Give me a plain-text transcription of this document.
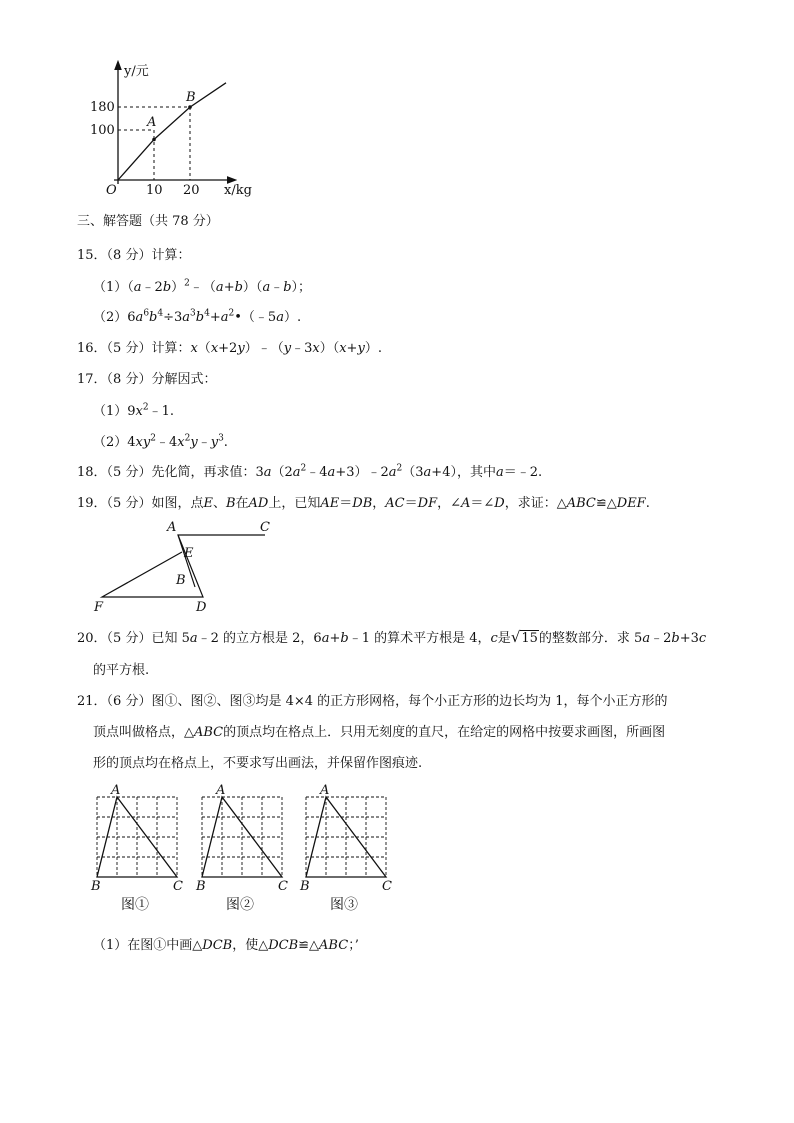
y/元
180
100
O 10 20 x/kg
A
B
三、解答题（共 78 分）
15．（8 分）计算：
（1）（a﹣2b）$^2$﹣（a+b）（a﹣b）；
$(2)6a^6b^4\div 3a^3b^4+a^2•(﹣5a)$.
16．（5 分）计算：x（x+2y）﹣（y﹣3x）（x+y）.
17．（8 分）分解因式：
$(1)9x^2﹣1$.
$(2)4xy^2﹣4x^2y﹣y^3$.
18．（5 分）先化简，再求值：$3a(2a^2﹣4a+3)﹣2a^2(3a+4)$，其中a＝﹣2.
19．（5 分）如图，点E、B在AD上，已知AE＝DB，AC＝DF，∠A＝∠D，求证：△ABC≌△DEF.
A	C
E
B
F	D
20．（5 分）已知 5a﹣2 的立方根是 2，6a+b﹣1 的算术平方根是 4，c是√15的整数部分．求 5a﹣2b+3c
的平方根.
21．（6 分）图①、图②、图③均是 4×4 的正方形网格，每个小正方形的边长均为 1，每个小正方形的
顶点叫做格点，△ABC的顶点均在格点上．只用无刻度的直尺，在给定的网格中按要求画图，所画图
形的顶点均在格点上，不要求写出画法，并保留作图痕迹.
A
B	C
图①
A
B	C
图②
A
B	C
图③
（1）在图①中画△DCB，使△DCB≌△ABC；’
